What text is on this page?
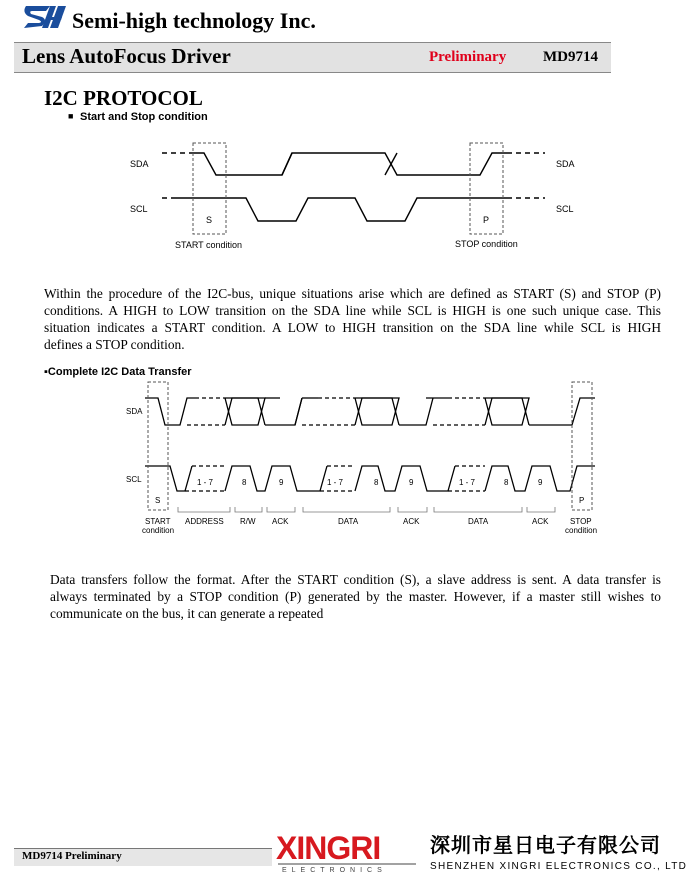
Semi-high technology Inc.
Lens AutoFocus Driver	Preliminary MD9714
I2C PROTOCOL
■ Start and Stop condition
SDA	SDA
SCL	SCL
S	P
START condition	STOP condition
Within the procedure of the I2C-bus, unique situations arise which are defined as START (S) and STOP (P)
conditions. A HIGH to LOW transition on the SDA line while SCL is HIGH is one such unique case. This
situation indicates a START condition. A LOW to HIGH transition on the SDA line while SCL is HIGH
defines a STOP condition.
▪Complete I2C Data Transfer
SDA
SCL
S	P
1 - 7	8	9	1 - 7	8	9	1 - 7	8	9
ADDRESS R/W ACK	DATA	ACK	DATA	ACK
START
condition
STOP
condition
Data transfers follow the format. After the START condition (S), a slave address is sent. A data transfer is
always terminated by a STOP condition (P) generated by the master. However, if a master still wishes to
communicate on the bus, it can generate a repeated
MD9714 Preliminary	XINGRI
ELECTRONICS
深圳市星日电子有限公司
SHENZHEN XINGRI ELECTRONICS CO., LTD
